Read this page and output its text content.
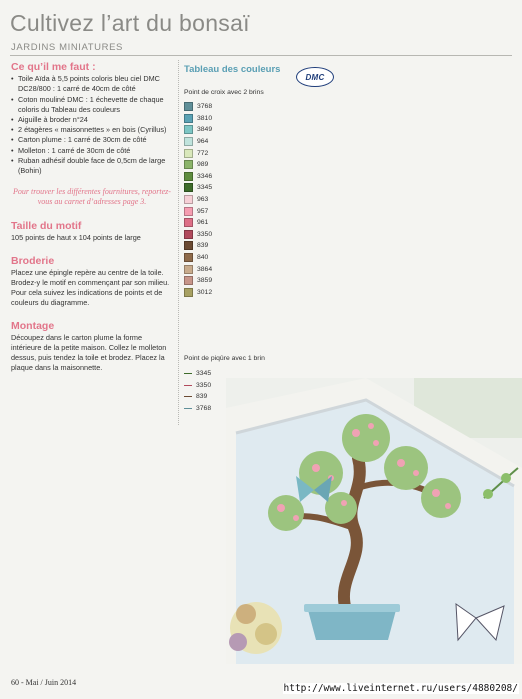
Cultivez l’art du bonsaï
JARDINS MINIATURES
Ce qu’il me faut :
• Toile Aïda à 5,5 points coloris bleu ciel DMC DC28/800 : 1 carré de 40cm de côté
• Coton mouliné DMC : 1 échevette de chaque coloris du Tableau des couleurs
• Aiguille à broder n°24
• 2 étagères « maisonnettes » en bois (Cyrillus)
• Carton plume : 1 carré de 30cm de côté
• Molleton : 1 carré de 30cm de côté
• Ruban adhésif double face de 0,5cm de large (Bohin)
Pour trouver les différentes fournitures, reportez-vous au carnet d’adresses page 3.
Taille du motif
105 points de haut x 104 points de large
Broderie
Placez une épingle repère au centre de la toile. Brodez-y le motif en commençant par son milieu. Pour cela suivez les indications de points et de couleurs du diagramme.
Montage
Découpez dans le carton plume la forme intérieure de la petite maison. Collez le molleton dessus, puis tendez la toile et brodez. Placez la plaque dans la maisonnette.
Tableau des couleurs
DMC
Point de croix avec 2 brins
3768
3810
3849
964
772
989
3346
3345
963
957
961
3350
839
840
3864
3859
3012
Point de piqûre avec 1 brin
3345
3350
839
3768
60 - Mai / Juin 2014
http://www.liveinternet.ru/users/4880208/
